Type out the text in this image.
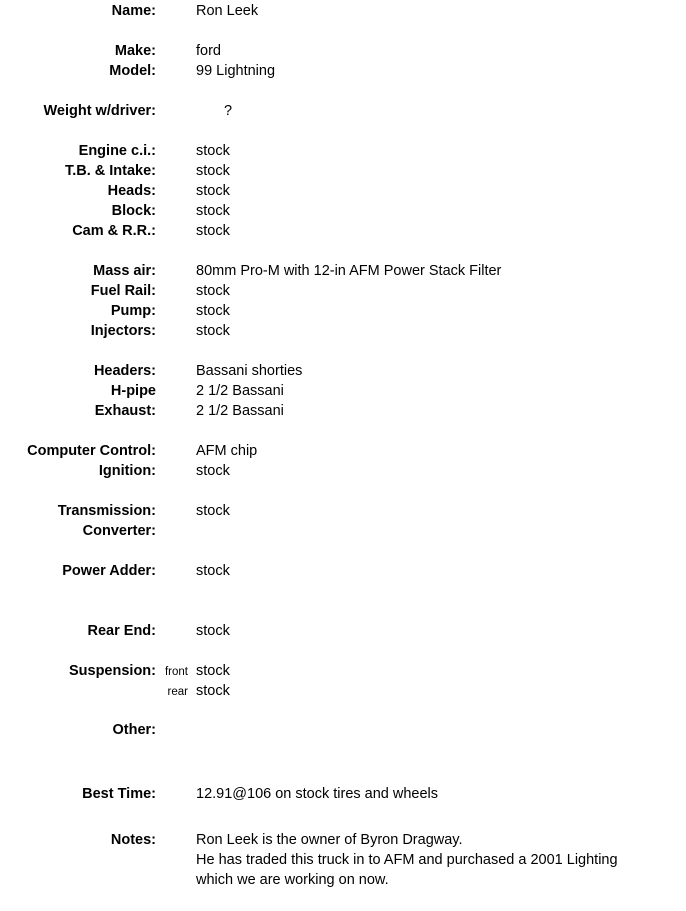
Name:	Ron Leek
Make:	ford
Model:	99 Lightning
Weight w/driver:	?
Engine c.i.:	stock
T.B. & Intake:	stock
Heads:	stock
Block:	stock
Cam & R.R.:	stock
Mass air:	80mm Pro-M with 12-in AFM Power Stack Filter
Fuel Rail:	stock
Pump:	stock
Injectors:	stock
Headers:	Bassani shorties
H-pipe	2 1/2 Bassani
Exhaust:	2 1/2 Bassani
Computer Control:	AFM chip
Ignition:	stock
Transmission:	stock
Converter:
Power Adder:	stock
Rear End:	stock
Suspension: front stock
rear stock
Other:
Best Time:	12.91@106 on stock tires and wheels
Notes:	Ron Leek is the owner of Byron Dragway.
He has traded this truck in to AFM and purchased a 2001 Lighting
which we are working on now.
